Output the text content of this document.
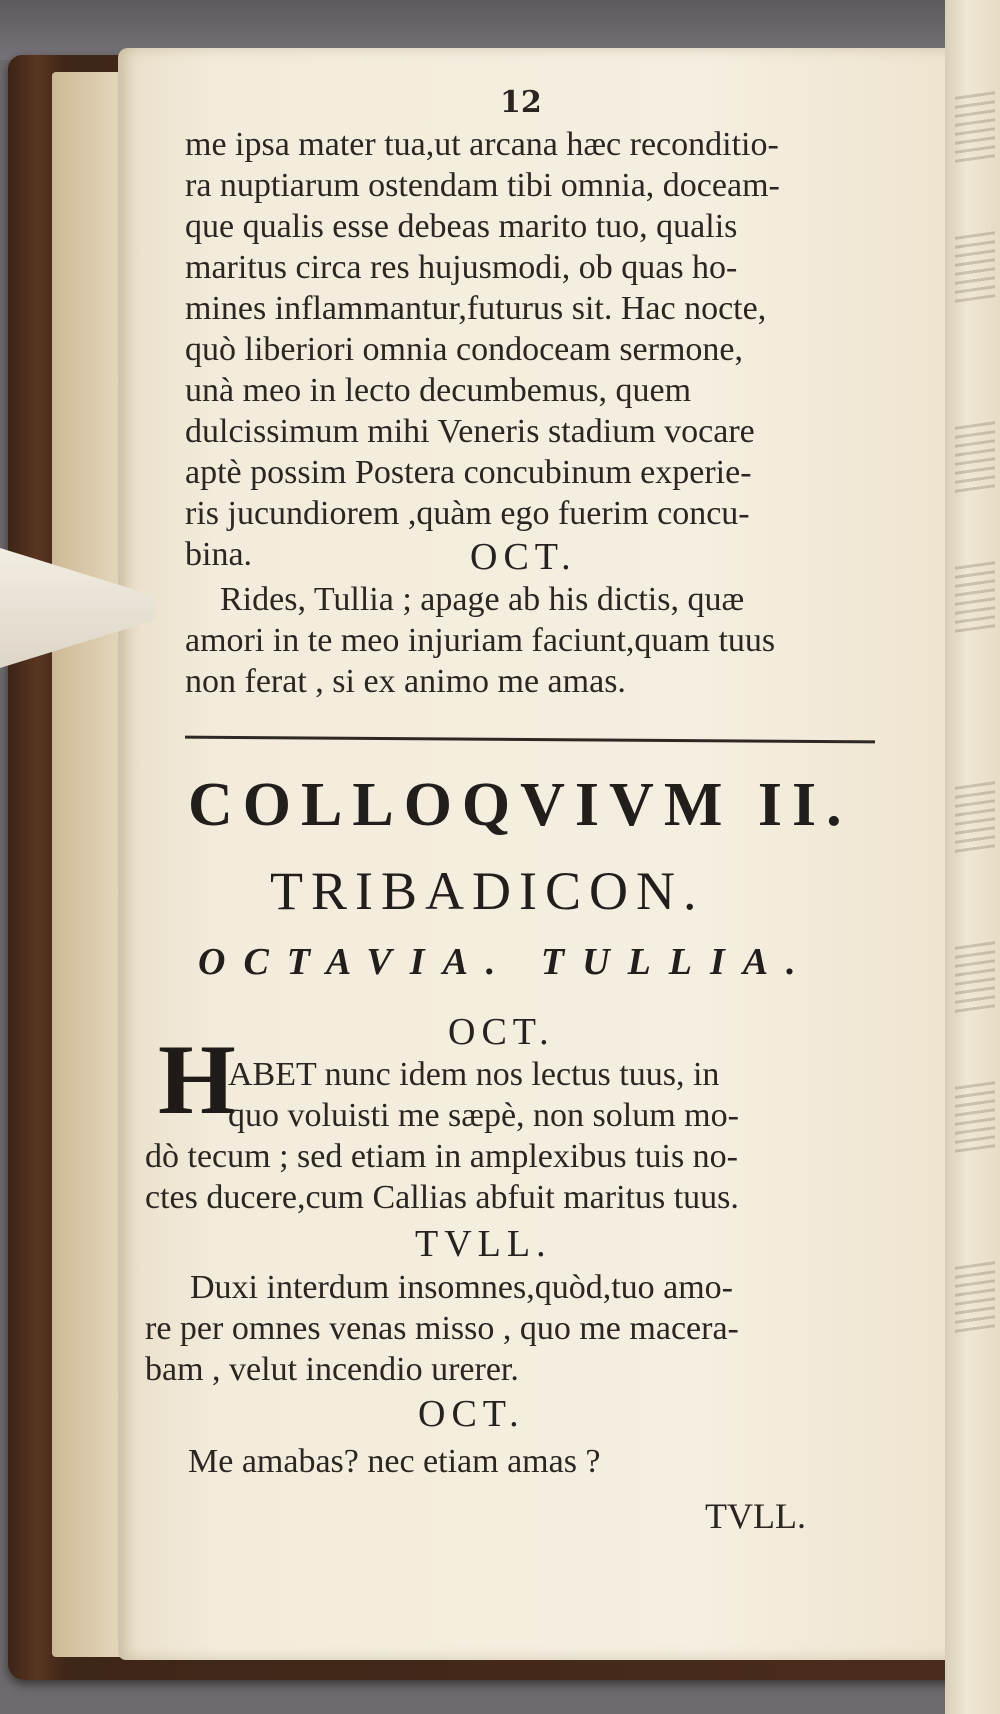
12
me ipsa mater tua,ut arcana hæc reconditio-
ra nuptiarum ostendam tibi omnia, doceam-
que qualis esse debeas marito tuo, qualis
maritus circa res hujusmodi, ob quas ho-
mines inflammantur,futurus sit. Hac nocte,
quò liberiori omnia condoceam sermone,
unà meo in lecto decumbemus, quem
dulcissimum mihi Veneris stadium vocare
aptè possim Postera concubinum experie-
ris jucundiorem ,quàm ego fuerim concu-
bina.	OCT.
Rides, Tullia ; apage ab his dictis, quæ
amori in te meo injuriam faciunt,quam tuus
non ferat , si ex animo me amas.
COLLOQVIVM II.
TRIBADICON.
OCTAVIA. TULLIA.
OCT.
H
ABET nunc idem nos lectus tuus, in
quo voluisti me sæpè, non solum mo-
dò tecum ; sed etiam in amplexibus tuis no-
ctes ducere,cum Callias abfuit maritus tuus.
TVLL.
Duxi interdum insomnes,quòd,tuo amo-
re per omnes venas misso , quo me macera-
bam , velut incendio urerer.
OCT.
Me amabas? nec etiam amas ?
TVLL.
